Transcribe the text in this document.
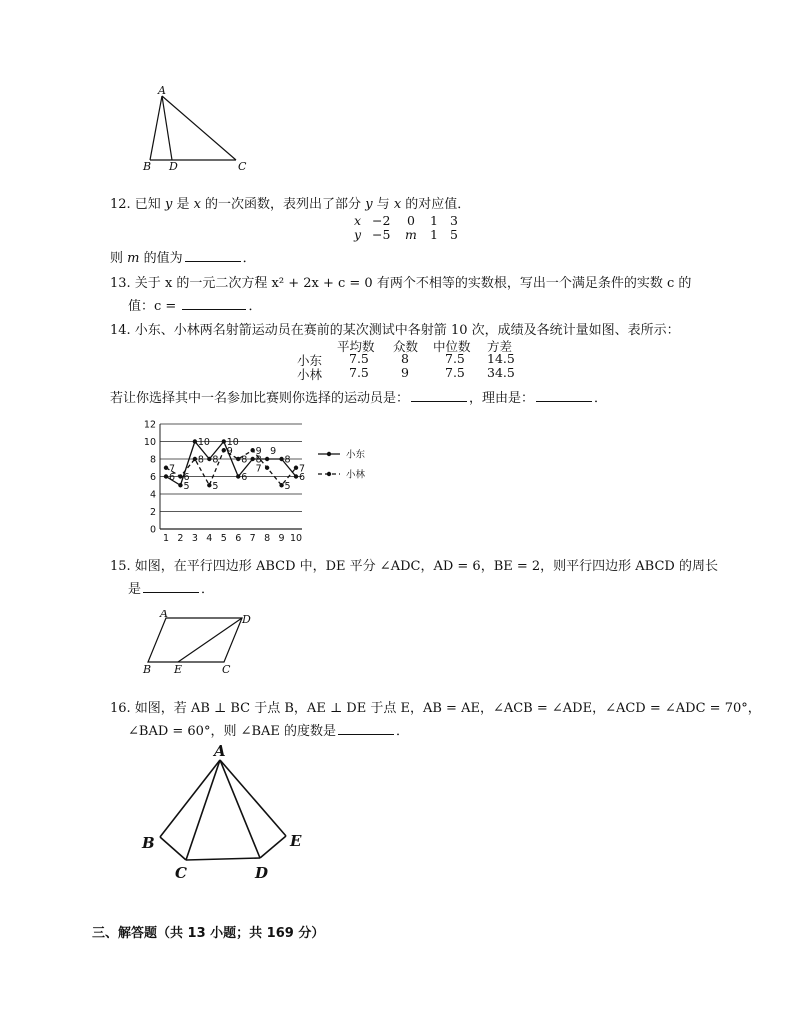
A
B D	C
12. 已知 y 是 x 的一次函数，表列出了部分 y 与 x 的对应值．
x −2 0 1 3
y −5 m 1 5
则 m 的值为	．
13. 关于 x 的一元二次方程 x² + 2x + c = 0 有两个不相等的实数根，写出一个满足条件的实数 c 的
值：c =	．
14. 小东、小林两名射箭运动员在赛前的某次测试中各射箭 10 次，成绩及各统计量如图、表所示：
平均数 众数 中位数 方差
小东 7.5	8	7.5 14.5
小林 7.5	9	7.5 34.5
若让你选择其中一名参加比赛则你选择的运动员是：	，理由是：	．
0
2
4
6
8
10
12
1 2 3 4 5 6 7 8 9 10
7
6 6
5
10
8 8
5
10
9
8
6
9
8
7
9
8
5
7
6
小东
小林
15. 如图，在平行四边形 ABCD 中，DE 平分 ∠ADC，AD = 6，BE = 2，则平行四边形 ABCD 的周长
是	．
A	D
B E	C
16. 如图，若 AB ⊥ BC 于点 B，AE ⊥ DE 于点 E，AB = AE，∠ACB = ∠ADE，∠ACD = ∠ADC = 70°，
∠BAD = 60°，则 ∠BAE 的度数是	．
A
B
C	D
E
三、解答题（共 13 小题；共 169 分）
